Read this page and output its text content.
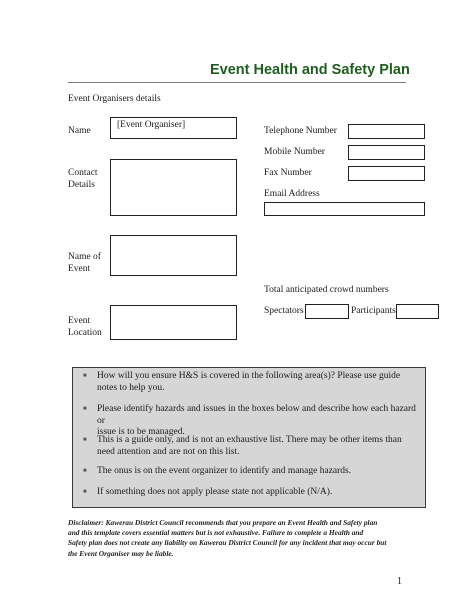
Event Health and Safety Plan
Event Organisers details
Name
[Event Organiser]
Contact
Details
Name of
Event
Event
Location
Telephone Number
Mobile Number
Fax Number
Email Address
Total anticipated crowd numbers
Spectators	Participants
■ How will you ensure H&S is covered in the following area(s)? Please use guide
notes to help you.
■ Please identify hazards and issues in the boxes below and describe how each hazard or
issue is to be managed.
■ This is a guide only, and is not an exhaustive list. There may be other items than
need attention and are not on this list.
■ The onus is on the event organizer to identify and manage hazards.
■ If something does not apply please state not applicable (N/A).
Disclaimer: Kawerau District Council recommends that you prepare an Event Health and Safety plan
and this template covers essential matters but is not exhaustive. Failure to complete a Health and
Safety plan does not create any liability on Kawerau District Council for any incident that may occur but
the Event Organiser may be liable.
1
